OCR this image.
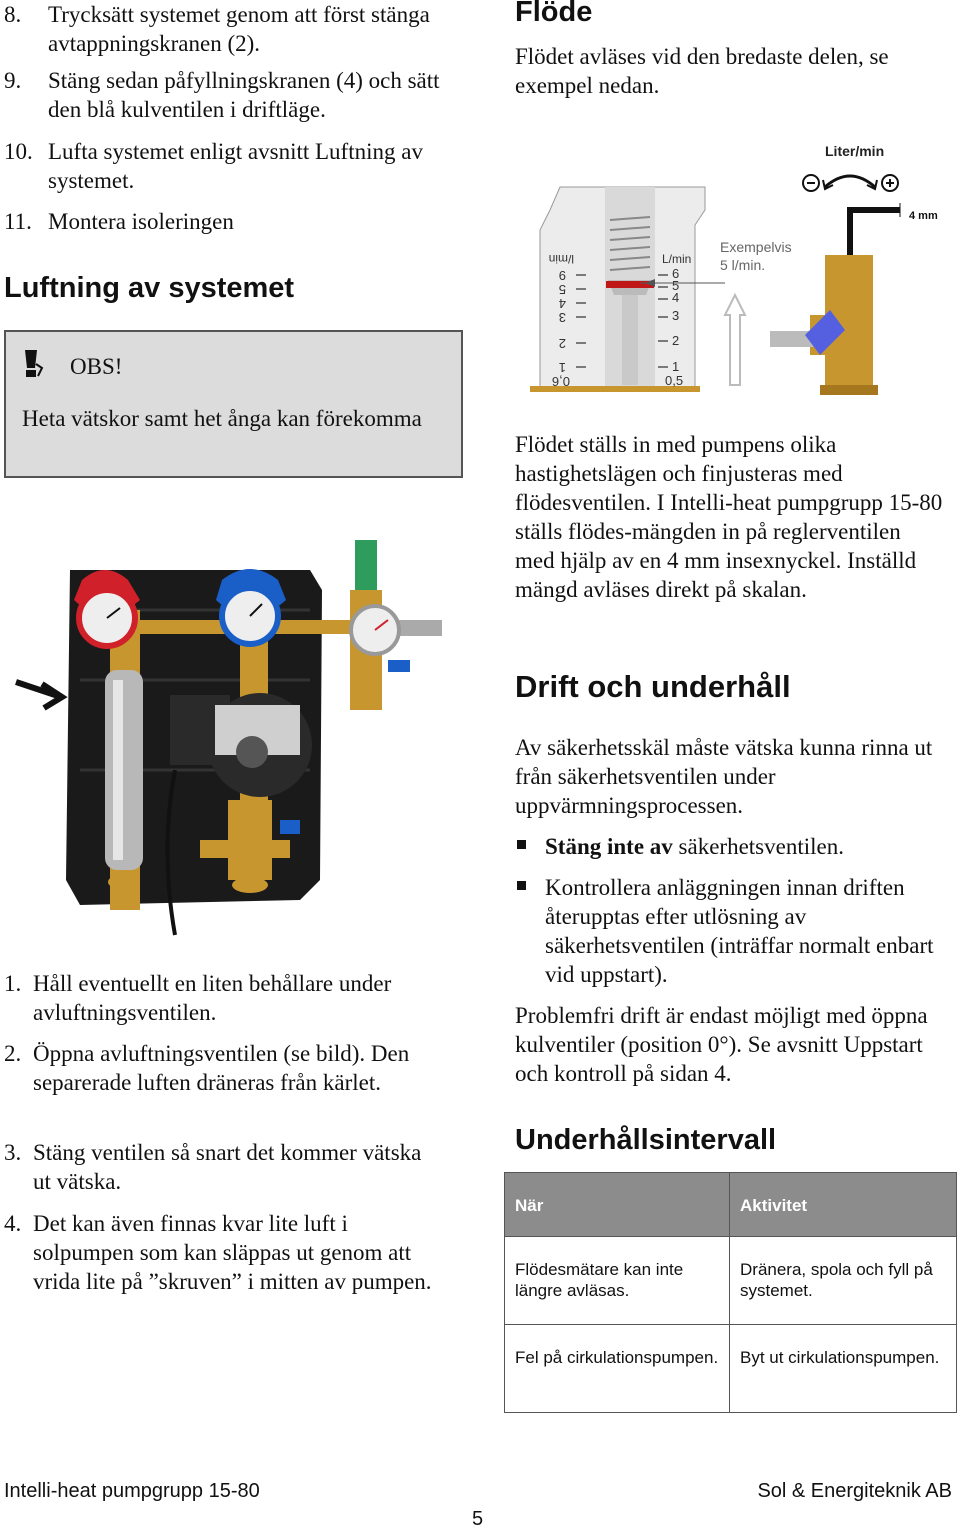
8. Trycksätt systemet genom att först stänga avtappningskranen (2).
9. Stäng sedan påfyllningskranen (4) och sätt den blå kulventilen i driftläge.
10. Lufta systemet enligt avsnitt Luftning av systemet.
11. Montera isoleringen
Luftning av systemet
OBS!
Heta vätskor samt het ånga kan förekomma
1. Håll eventuellt en liten behållare under avluftningsventilen.
2. Öppna avluftningsventilen (se bild). Den separerade luften dräneras från kärlet.
3. Stäng ventilen så snart det kommer vätska ut vätska.
4. Det kan även finnas kvar lite luft i solpumpen som kan släppas ut genom att vrida lite på ”skruven” i mitten av pumpen.
Flöde
Flödet avläses vid den bredaste delen, se exempel nedan.
l/min
9
5
4
3
2
1
0,6
L/min
6
5
4
3
2
1
0,5
Exempelvis
5 l/min.
Liter/min
4 mm
Flödet ställs in med pumpens olika hastighetslägen och finjusteras med flödesventilen. I Intelli-heat pumpgrupp 15-80 ställs flödes-mängden in på reglerventilen med hjälp av en 4 mm insexnyckel. Inställd mängd avläses direkt på skalan.
Drift och underhåll
Av säkerhetsskäl måste vätska kunna rinna ut från säkerhetsventilen under uppvärmningsprocessen.
Stäng inte av säkerhetsventilen.
Kontrollera anläggningen innan driften återupptas efter utlösning av säkerhetsventilen (inträffar normalt enbart vid uppstart).
Problemfri drift är endast möjligt med öppna kulventiler (position 0°). Se avsnitt Uppstart och kontroll på sidan 4.
Underhållsintervall
När	Aktivitet
Flödesmätare kan inte längre avläsas.	Dränera, spola och fyll på systemet.
Fel på cirkulationspumpen.	Byt ut cirkulationspumpen.
Intelli-heat pumpgrupp 15-80	Sol & Energiteknik AB
5
